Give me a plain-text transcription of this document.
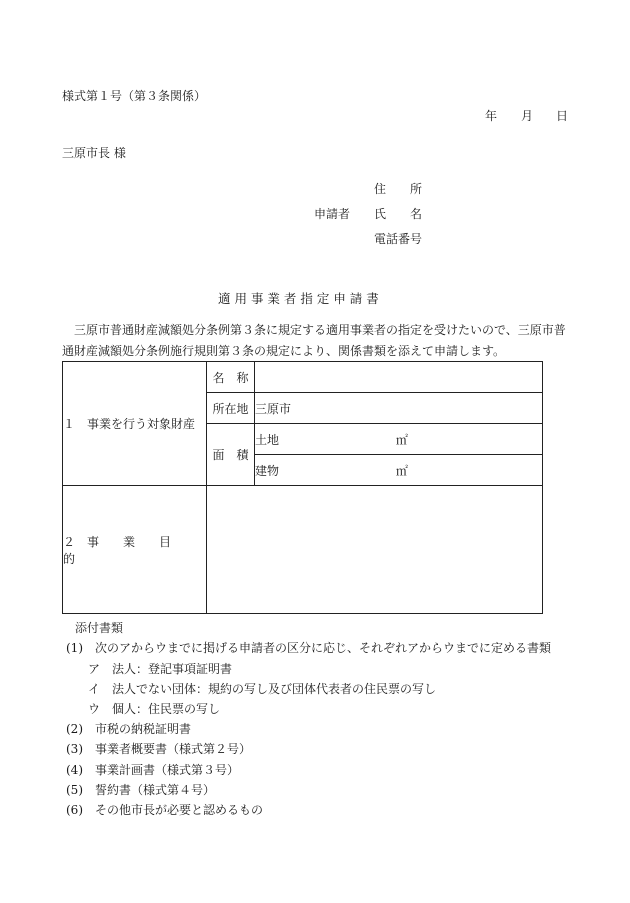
様式第１号（第３条関係）
年 月 日
三原市長 様
住　　所
申請者 氏　　名
電話番号
適 用 事 業 者 指 定 申 請 書
　三原市普通財産減額処分条例第３条に規定する適用事業者の指定を受けたいので、三原市普
通財産減額処分条例施行規則第３条の規定により、関係書類を添えて申請します。
１　事業を行う対象財産	名　称	
	所在地	三原市
	面　積	土地 ㎡
		建物 ㎡
２　事　　業　　目　　的		
添付書類
(1)　次のアからウまでに掲げる申請者の区分に応じ、それぞれアからウまでに定める書類
ア　法人：登記事項証明書
イ　法人でない団体：規約の写し及び団体代表者の住民票の写し
ウ　個人：住民票の写し
(2)　市税の納税証明書
(3)　事業者概要書（様式第２号）
(4)　事業計画書（様式第３号）
(5)　誓約書（様式第４号）
(6)　その他市長が必要と認めるもの
